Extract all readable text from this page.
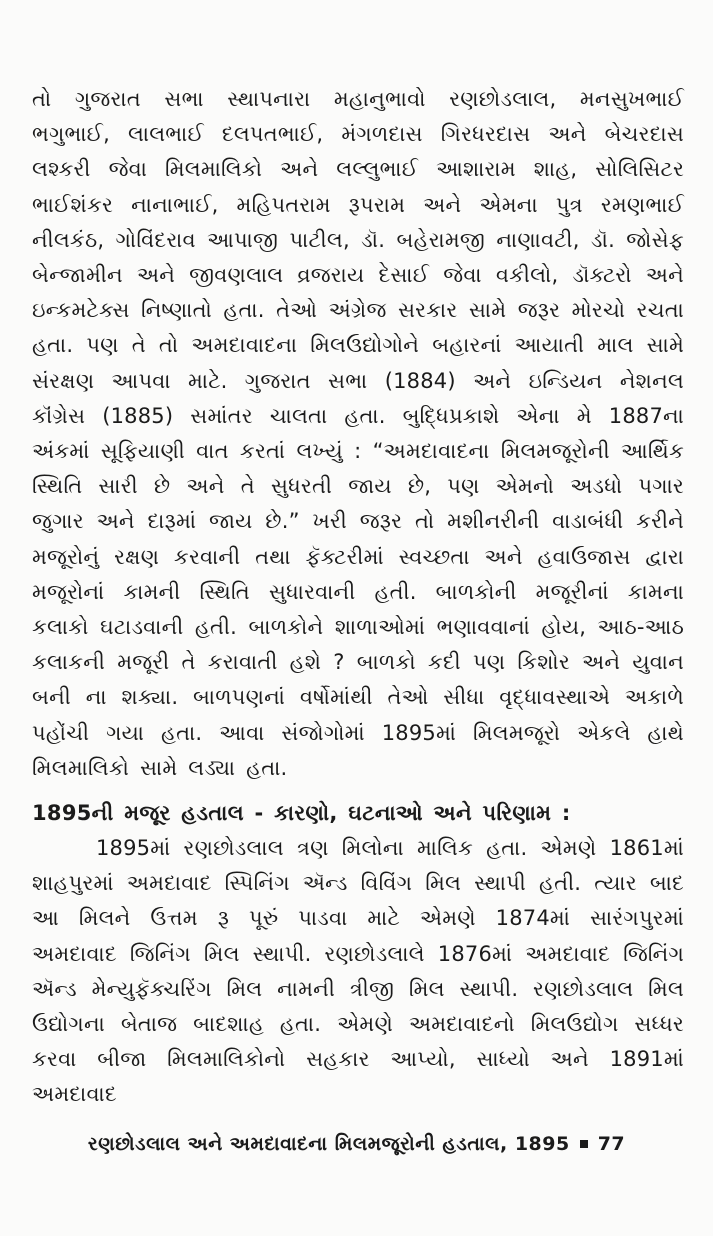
તો ગુજરાત સભા સ્થાપનારા મહાનુભાવો રણછોડલાલ, મનસુખભાઈ ભગુભાઈ, લાલભાઈ દલપતભાઈ, મંગળદાસ ગિરધરદાસ અને બેચરદાસ લશ્કરી જેવા મિલમાલિકો અને લલ્લુભાઈ આશારામ શાહ, સોલિસિટર ભાઈશંકર નાનાભાઈ, મહિપતરામ રૂપરામ અને એમના પુત્ર રમણભાઈ નીલકંઠ, ગોવિંદરાવ આપાજી પાટીલ, ડૉ. બહેરામજી નાણાવટી, ડૉ. જોસેફ બેન્જામીન અને જીવણલાલ વ્રજરાય દેસાઈ જેવા વકીલો, ડૉક્ટરો અને ઇન્કમટેક્સ નિષ્ણાતો હતા. તેઓ અંગ્રેજ સરકાર સામે જરૂર મોરચો રચતા હતા. પણ તે તો અમદાવાદના મિલઉદ્યોગોને બહારનાં આયાતી માલ સામે સંરક્ષણ આપવા માટે. ગુજરાત સભા (1884) અને ઇન્ડિયન નેશનલ કૉંગ્રેસ (1885) સમાંતર ચાલતા હતા. બુદ્ધિપ્રકાશે એના મે 1887ના અંકમાં સૂફિયાણી વાત કરતાં લખ્યું : “અમદાવાદના મિલમજૂરોની આર્થિક સ્થિતિ સારી છે અને તે સુધરતી જાય છે, પણ એમનો અડધો પગાર જુગાર અને દારૂમાં જાય છે.” ખરી જરૂર તો મશીનરીની વાડાબંધી કરીને મજૂરોનું રક્ષણ કરવાની તથા ફૅક્ટરીમાં સ્વચ્છતા અને હવાઉજાસ દ્વારા મજૂરોનાં કામની સ્થિતિ સુધારવાની હતી. બાળકોની મજૂરીનાં કામના કલાકો ઘટાડવાની હતી. બાળકોને શાળાઓમાં ભણાવવાનાં હોય, આઠ-આઠ કલાકની મજૂરી તે કરાવાતી હશે ? બાળકો કદી પણ કિશોર અને યુવાન બની ના શક્યા. બાળપણનાં વર્ષોમાંથી તેઓ સીધા વૃદ્ધાવસ્થાએ અકાળે પહોંચી ગયા હતા. આવા સંજોગોમાં 1895માં મિલમજૂરો એકલે હાથે મિલમાલિકો સામે લડ્યા હતા.

1895ની મજૂર હડતાલ - કારણો, ઘટનાઓ અને પરિણામ :

1895માં રણછોડલાલ ત્રણ મિલોના માલિક હતા. એમણે 1861માં શાહપુરમાં અમદાવાદ સ્પિનિંગ ઍન્ડ વિવિંગ મિલ સ્થાપી હતી. ત્યાર બાદ આ મિલને ઉત્તમ રૂ પૂરું પાડવા માટે એમણે 1874માં સારંગપુરમાં અમદાવાદ જિનિંગ મિલ સ્થાપી. રણછોડલાલે 1876માં અમદાવાદ જિનિંગ ઍન્ડ મેન્યુફૅક્ચરિંગ મિલ નામની ત્રીજી મિલ સ્થાપી. રણછોડલાલ મિલ ઉદ્યોગના બેતાજ બાદશાહ હતા. એમણે અમદાવાદનો મિલઉદ્યોગ સધ્ધર કરવા બીજા મિલમાલિકોનો સહકાર આપ્યો, સાધ્યો અને 1891માં અમદાવાદ

રણછોડલાલ અને અમદાવાદના મિલમજૂરોની હડતાલ, 1895 77
